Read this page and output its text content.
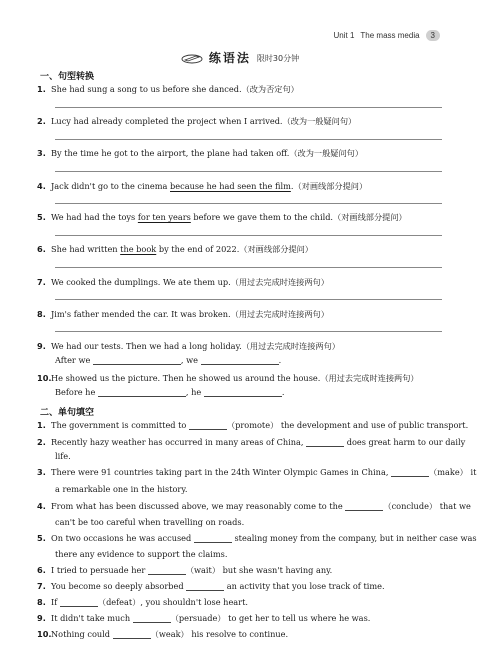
Unit 1 The mass media	3
练语法 限时30分钟
一、句型转换
1. She had sung a song to us before she danced.（改为否定句）
2. Lucy had already completed the project when I arrived.（改为一般疑问句）
3. By the time he got to the airport, the plane had taken off.（改为一般疑问句）
4. Jack didn't go to the cinema because he had seen the film.（对画线部分提问）
5. We had had the toys for ten years before we gave them to the child.（对画线部分提问）
6. She had written the book by the end of 2022.（对画线部分提问）
7. We cooked the dumplings. We ate them up.（用过去完成时连接两句）
8. Jim's father mended the car. It was broken.（用过去完成时连接两句）
9. We had our tests. Then we had a long holiday.（用过去完成时连接两句）
After we	, we	.
10.He showed us the picture. Then he showed us around the house.（用过去完成时连接两句）
Before he	, he	.
二、单句填空
1. The government is committed to	（promote） the development and use of public transport.
2. Recently hazy weather has occurred in many areas of China,	does great harm to our daily
life.
3. There were 91 countries taking part in the 24th Winter Olympic Games in China,	（make） it
a remarkable one in the history.
4. From what has been discussed above, we may reasonably come to the	（conclude） that we
can't be too careful when travelling on roads.
5. On two occasions he was accused	stealing money from the company, but in neither case was
there any evidence to support the claims.
6. I tried to persuade her	（wait） but she wasn't having any.
7. You become so deeply absorbed	an activity that you lose track of time.
8. If	（defeat）, you shouldn't lose heart.
9. It didn't take much	（persuade） to get her to tell us where he was.
10.Nothing could	（weak） his resolve to continue.
